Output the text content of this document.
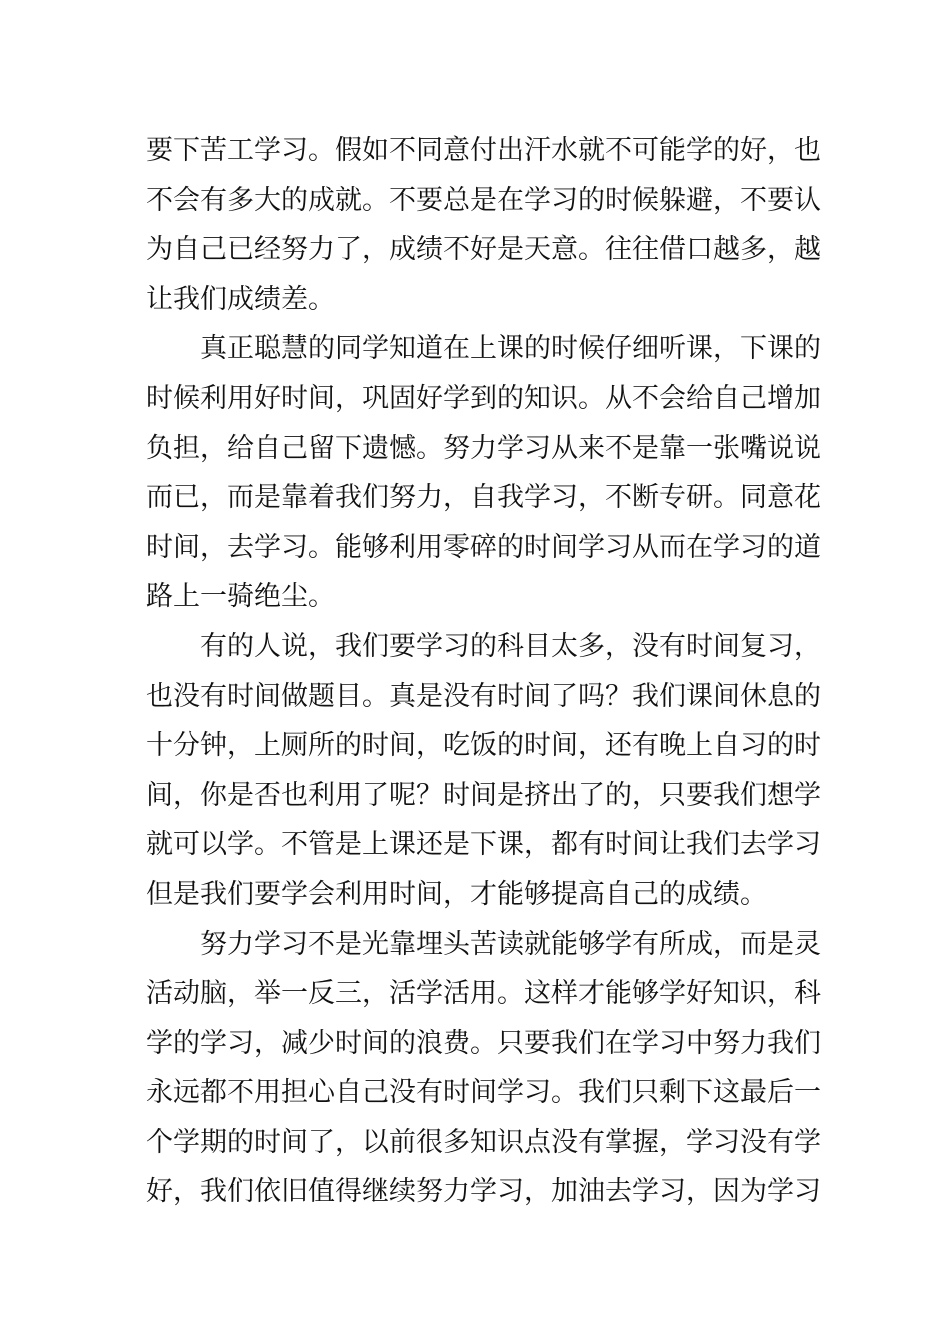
要下苦工学习。假如不同意付出汗水就不可能学的好，也
不会有多大的成就。不要总是在学习的时候躲避，不要认
为自己已经努力了，成绩不好是天意。往往借口越多，越
让我们成绩差。
真正聪慧的同学知道在上课的时候仔细听课，下课的
时候利用好时间，巩固好学到的知识。从不会给自己增加
负担，给自己留下遗憾。努力学习从来不是靠一张嘴说说
而已，而是靠着我们努力，自我学习，不断专研。同意花
时间，去学习。能够利用零碎的时间学习从而在学习的道
路上一骑绝尘。
有的人说，我们要学习的科目太多，没有时间复习，
也没有时间做题目。真是没有时间了吗？我们课间休息的
十分钟，上厕所的时间，吃饭的时间，还有晚上自习的时
间，你是否也利用了呢？时间是挤出了的，只要我们想学
就可以学。不管是上课还是下课，都有时间让我们去学习
但是我们要学会利用时间，才能够提高自己的成绩。
努力学习不是光靠埋头苦读就能够学有所成，而是灵
活动脑，举一反三，活学活用。这样才能够学好知识，科
学的学习，减少时间的浪费。只要我们在学习中努力我们
永远都不用担心自己没有时间学习。我们只剩下这最后一
个学期的时间了，以前很多知识点没有掌握，学习没有学
好，我们依旧值得继续努力学习，加油去学习，因为学习
